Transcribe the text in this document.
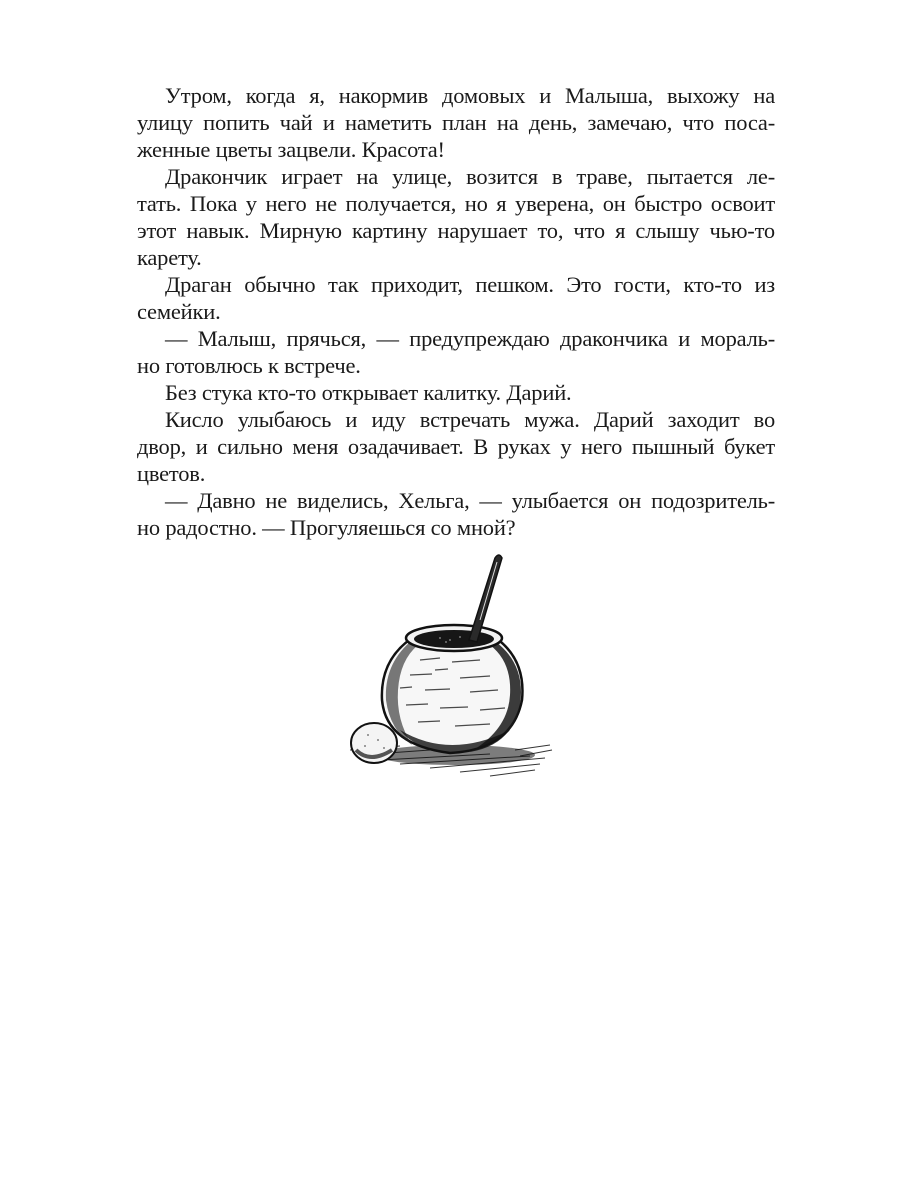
Утром, когда я, накормив домовых и Малыша, выхожу на
улицу попить чай и наметить план на день, замечаю, что поса-
женные цветы зацвели. Красота!
Дракончик играет на улице, возится в траве, пытается ле-
тать. Пока у него не получается, но я уверена, он быстро освоит
этот навык. Мирную картину нарушает то, что я слышу чью-то
карету.
Драган обычно так приходит, пешком. Это гости, кто-то из
семейки.
— Малыш, прячься, — предупреждаю дракончика и мораль-
но готовлюсь к встрече.
Без стука кто-то открывает калитку. Дарий.
Кисло улыбаюсь и иду встречать мужа. Дарий заходит во
двор, и сильно меня озадачивает. В руках у него пышный букет
цветов.
— Давно не виделись, Хельга, — улыбается он подозритель-
но радостно. — Прогуляешься со мной?
